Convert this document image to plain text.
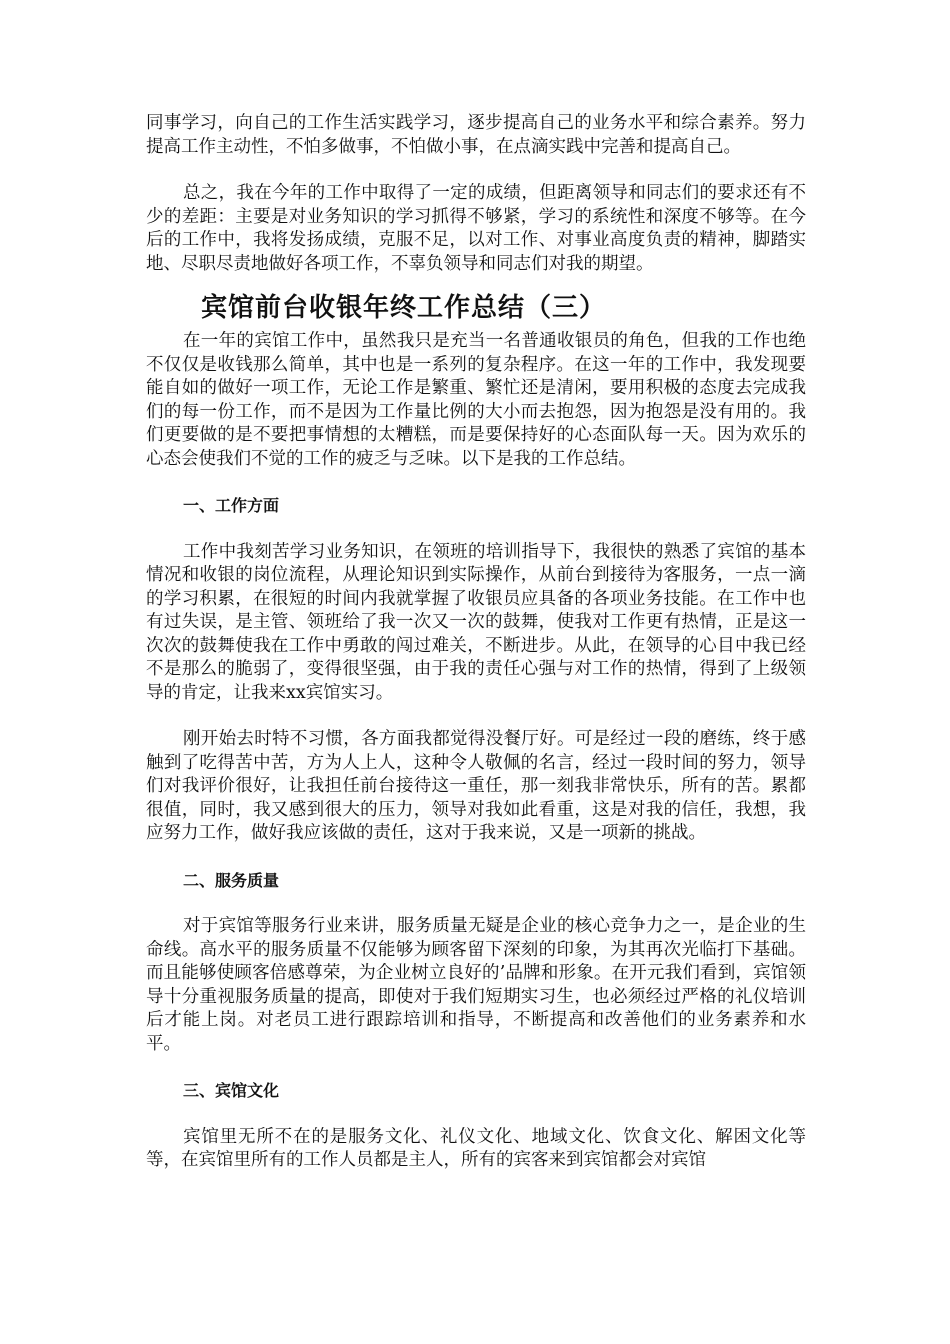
同事学习，向自己的工作生活实践学习，逐步提高自己的业务水平和综合素养。努力提高工作主动性，不怕多做事，不怕做小事，在点滴实践中完善和提高自己。

总之，我在今年的工作中取得了一定的成绩，但距离领导和同志们的要求还有不少的差距：主要是对业务知识的学习抓得不够紧，学习的系统性和深度不够等。在今后的工作中，我将发扬成绩，克服不足，以对工作、对事业高度负责的精神，脚踏实地、尽职尽责地做好各项工作，不辜负领导和同志们对我的期望。

宾馆前台收银年终工作总结（三）

在一年的宾馆工作中，虽然我只是充当一名普通收银员的角色，但我的工作也绝不仅仅是收钱那么简单，其中也是一系列的复杂程序。在这一年的工作中，我发现要能自如的做好一项工作，无论工作是繁重、繁忙还是清闲，要用积极的态度去完成我们的每一份工作，而不是因为工作量比例的大小而去抱怨，因为抱怨是没有用的。我们更要做的是不要把事情想的太糟糕，而是要保持好的心态面队每一天。因为欢乐的心态会使我们不觉的工作的疲乏与乏味。以下是我的工作总结。

一、工作方面

工作中我刻苦学习业务知识，在领班的培训指导下，我很快的熟悉了宾馆的基本情况和收银的岗位流程，从理论知识到实际操作，从前台到接待为客服务，一点一滴的学习积累，在很短的时间内我就掌握了收银员应具备的各项业务技能。在工作中也有过失误，是主管、领班给了我一次又一次的鼓舞，使我对工作更有热情，正是这一次次的鼓舞使我在工作中勇敢的闯过难关，不断进步。从此，在领导的心目中我已经不是那么的脆弱了，变得很坚强，由于我的责任心强与对工作的热情，得到了上级领导的肯定，让我来xx宾馆实习。

刚开始去时特不习惯，各方面我都觉得没餐厅好。可是经过一段的磨练，终于感触到了吃得苦中苦，方为人上人，这种令人敬佩的名言，经过一段时间的努力，领导们对我评价很好，让我担任前台接待这一重任，那一刻我非常快乐，所有的苦。累都很值，同时，我又感到很大的压力，领导对我如此看重，这是对我的信任，我想，我应努力工作，做好我应该做的责任，这对于我来说，又是一项新的挑战。

二、服务质量

对于宾馆等服务行业来讲，服务质量无疑是企业的核心竞争力之一，是企业的生命线。高水平的服务质量不仅能够为顾客留下深刻的印象，为其再次光临打下基础。而且能够使顾客倍感尊荣，为企业树立良好的’品牌和形象。在开元我们看到，宾馆领导十分重视服务质量的提高，即使对于我们短期实习生，也必须经过严格的礼仪培训后才能上岗。对老员工进行跟踪培训和指导，不断提高和改善他们的业务素养和水平。

三、宾馆文化

宾馆里无所不在的是服务文化、礼仪文化、地域文化、饮食文化、解困文化等等，在宾馆里所有的工作人员都是主人，所有的宾客来到宾馆都会对宾馆
